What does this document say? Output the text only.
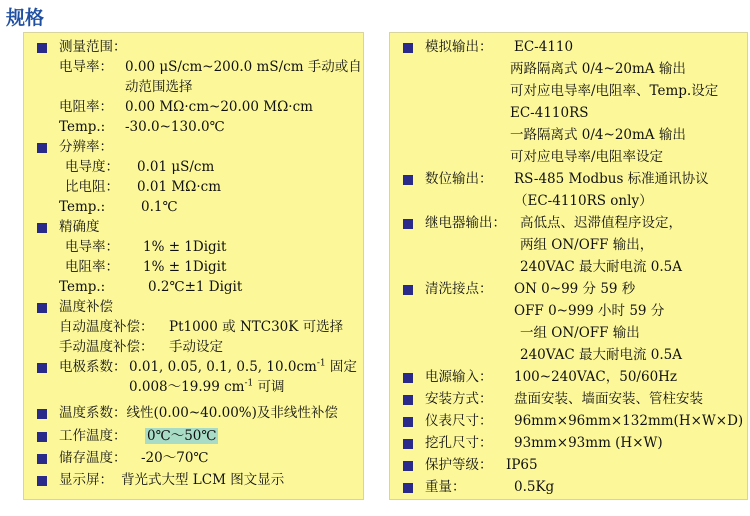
规格
测量范围：
电导率： 0.00 μS/cm~200.0 mS/cm 手动或自
动范围选择
电阻率： 0.00 MΩ·cm~20.00 MΩ·cm
Temp.: -30.0~130.0℃
分辨率：
电导度： 0.01 μS/cm
比电阻： 0.01 MΩ·cm
Temp.:	0.1℃
精确度
电导率： 1% ± 1Digit
电阻率： 1% ± 1Digit
Temp.:	0.2℃±1 Digit
温度补偿
自动温度补偿： Pt1000 或 NTC30K 可选择
手动温度补偿： 手动设定
电极系数： 0.01, 0.05, 0.1, 0.5, $10.0cm^{-1}$ 固定
0.008～19.99 $cm^{-1}$ 可调
温度系数：线性(0.00~40.00%)及非线性补偿
工作温度： 0℃～50℃
储存温度： -20～70℃
显示屏： 背光式大型 LCM 图文显示
模拟输出： EC-4110
两路隔离式 0/4~20mA 输出
可对应电导率/电阻率、Temp.设定
EC-4110RS
一路隔离式 0/4~20mA 输出
可对应电导率/电阻率设定
数位输出： RS-485 Modbus 标准通讯协议
（EC-4110RS only）
继电器输出： 高低点、迟滞值程序设定，
两组 ON/OFF 输出，
240VAC 最大耐电流 0.5A
清洗接点： ON 0~99 分 59 秒
OFF 0~999 小时 59 分
一组 ON/OFF 输出
240VAC 最大耐电流 0.5A
电源输入： 100~240VAC，50/60Hz
安装方式： 盘面安装、墙面安装、管柱安装
仪表尺寸： 96mm×96mm×132mm(H×W×D)
挖孔尺寸： 93mm×93mm (H×W)
保护等级： IP65
重量：	0.5Kg
